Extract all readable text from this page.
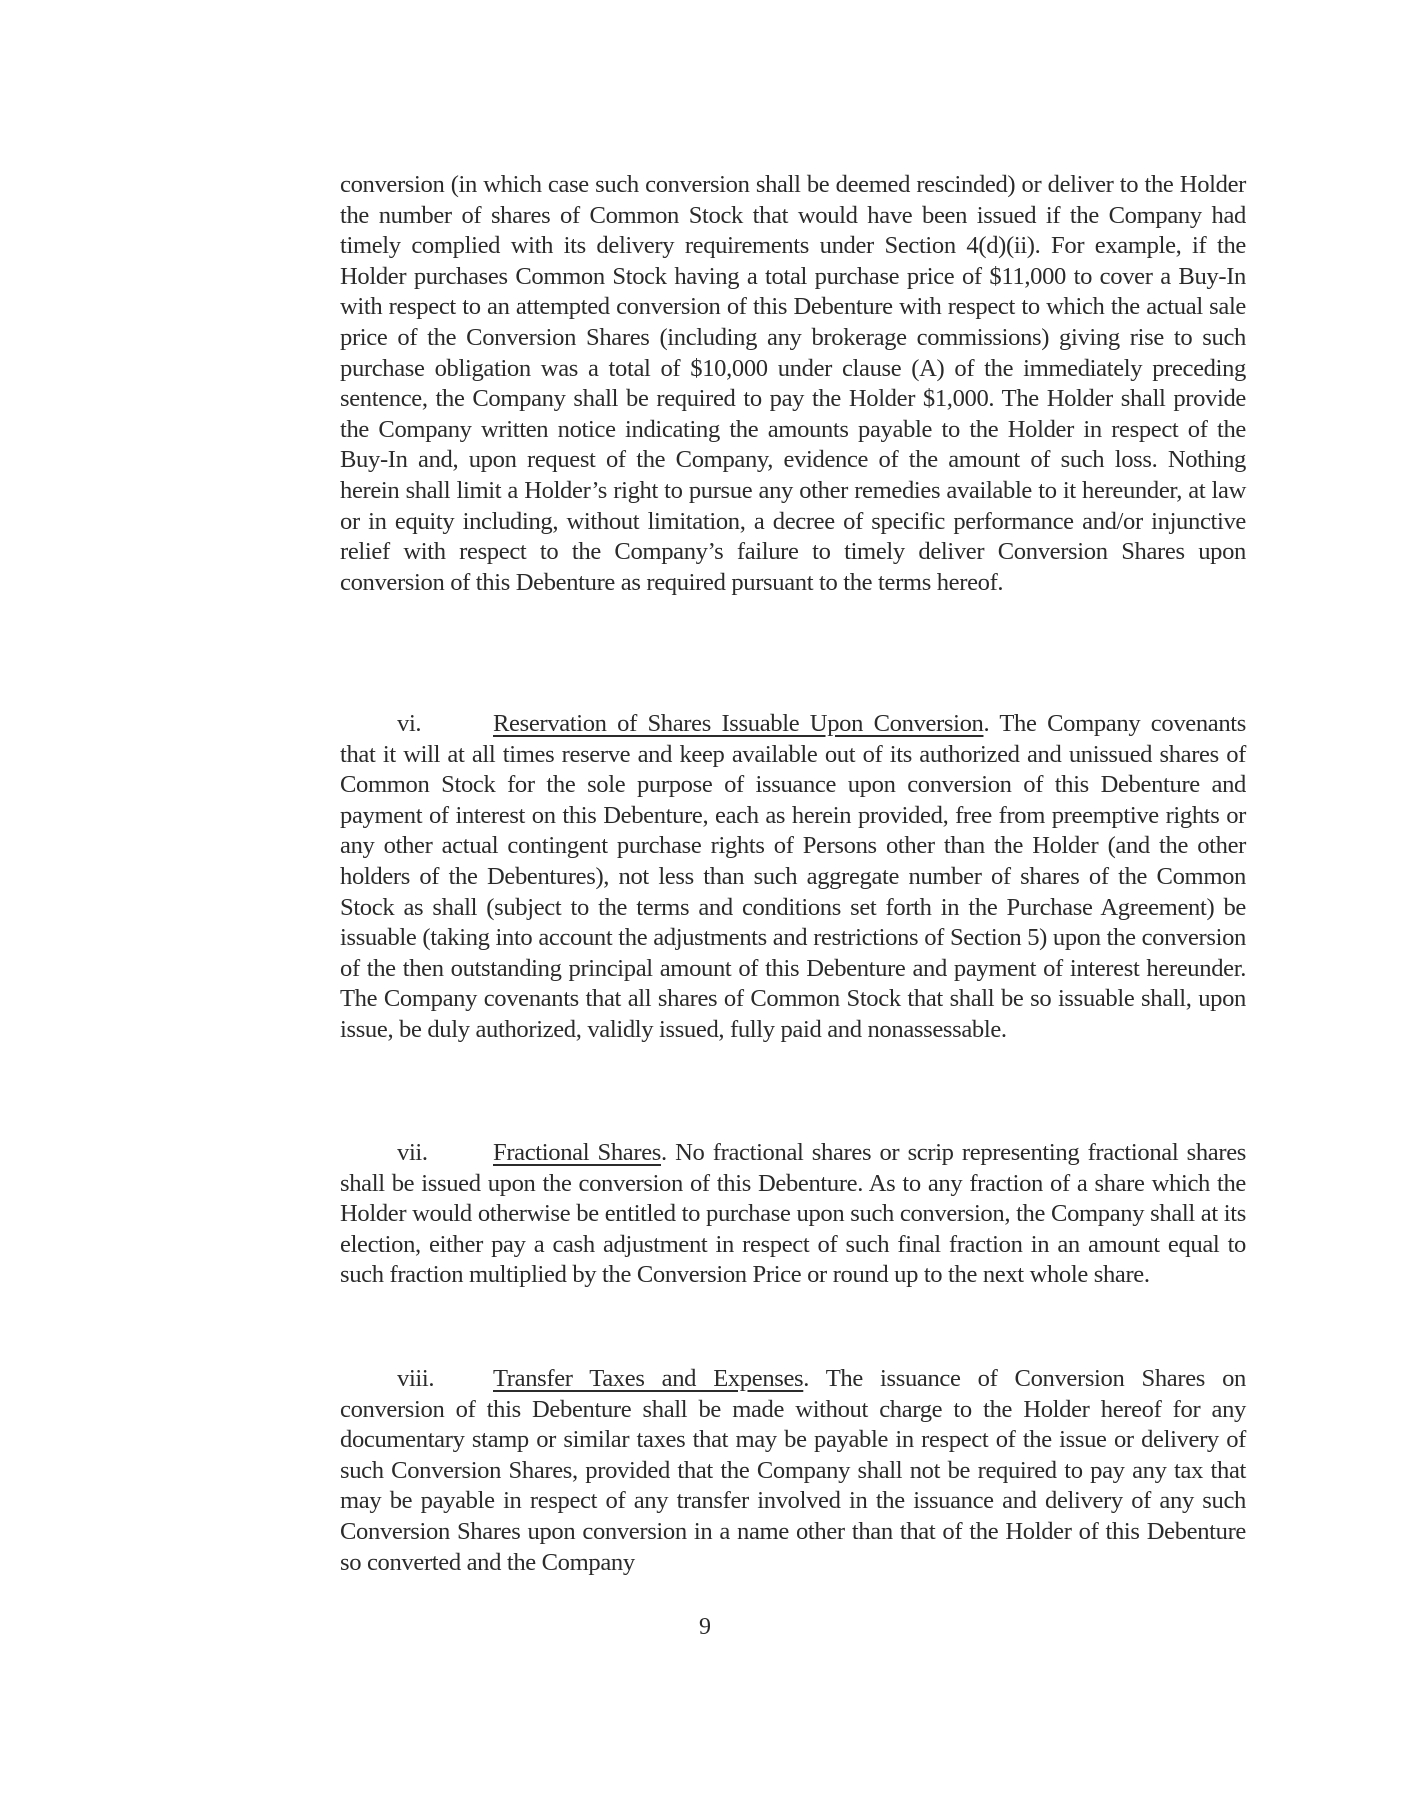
conversion (in which case such conversion shall be deemed rescinded) or deliver to the Holder the number of shares of Common Stock that would have been issued if the Company had timely complied with its delivery requirements under Section 4(d)(ii). For example, if the Holder purchases Common Stock having a total purchase price of $11,000 to cover a Buy-In with respect to an attempted conversion of this Debenture with respect to which the actual sale price of the Conversion Shares (including any brokerage commissions) giving rise to such purchase obligation was a total of $10,000 under clause (A) of the immediately preceding sentence, the Company shall be required to pay the Holder $1,000. The Holder shall provide the Company written notice indicating the amounts payable to the Holder in respect of the Buy-In and, upon request of the Company, evidence of the amount of such loss. Nothing herein shall limit a Holder’s right to pursue any other remedies available to it hereunder, at law or in equity including, without limitation, a decree of specific performance and/or injunctive relief with respect to the Company’s failure to timely deliver Conversion Shares upon conversion of this Debenture as required pursuant to the terms hereof.

vi.	Reservation of Shares Issuable Upon Conversion. The Company covenants that it will at all times reserve and keep available out of its authorized and unissued shares of Common Stock for the sole purpose of issuance upon conversion of this Debenture and payment of interest on this Debenture, each as herein provided, free from preemptive rights or any other actual contingent purchase rights of Persons other than the Holder (and the other holders of the Debentures), not less than such aggregate number of shares of the Common Stock as shall (subject to the terms and conditions set forth in the Purchase Agreement) be issuable (taking into account the adjustments and restrictions of Section 5) upon the conversion of the then outstanding principal amount of this Debenture and payment of interest hereunder. The Company covenants that all shares of Common Stock that shall be so issuable shall, upon issue, be duly authorized, validly issued, fully paid and nonassessable.

vii.	Fractional Shares. No fractional shares or scrip representing fractional shares shall be issued upon the conversion of this Debenture. As to any fraction of a share which the Holder would otherwise be entitled to purchase upon such conversion, the Company shall at its election, either pay a cash adjustment in respect of such final fraction in an amount equal to such fraction multiplied by the Conversion Price or round up to the next whole share.

viii. Transfer Taxes and Expenses. The issuance of Conversion Shares on conversion of this Debenture shall be made without charge to the Holder hereof for any documentary stamp or similar taxes that may be payable in respect of the issue or delivery of such Conversion Shares, provided that the Company shall not be required to pay any tax that may be payable in respect of any transfer involved in the issuance and delivery of any such Conversion Shares upon conversion in a name other than that of the Holder of this Debenture so converted and the Company

9
